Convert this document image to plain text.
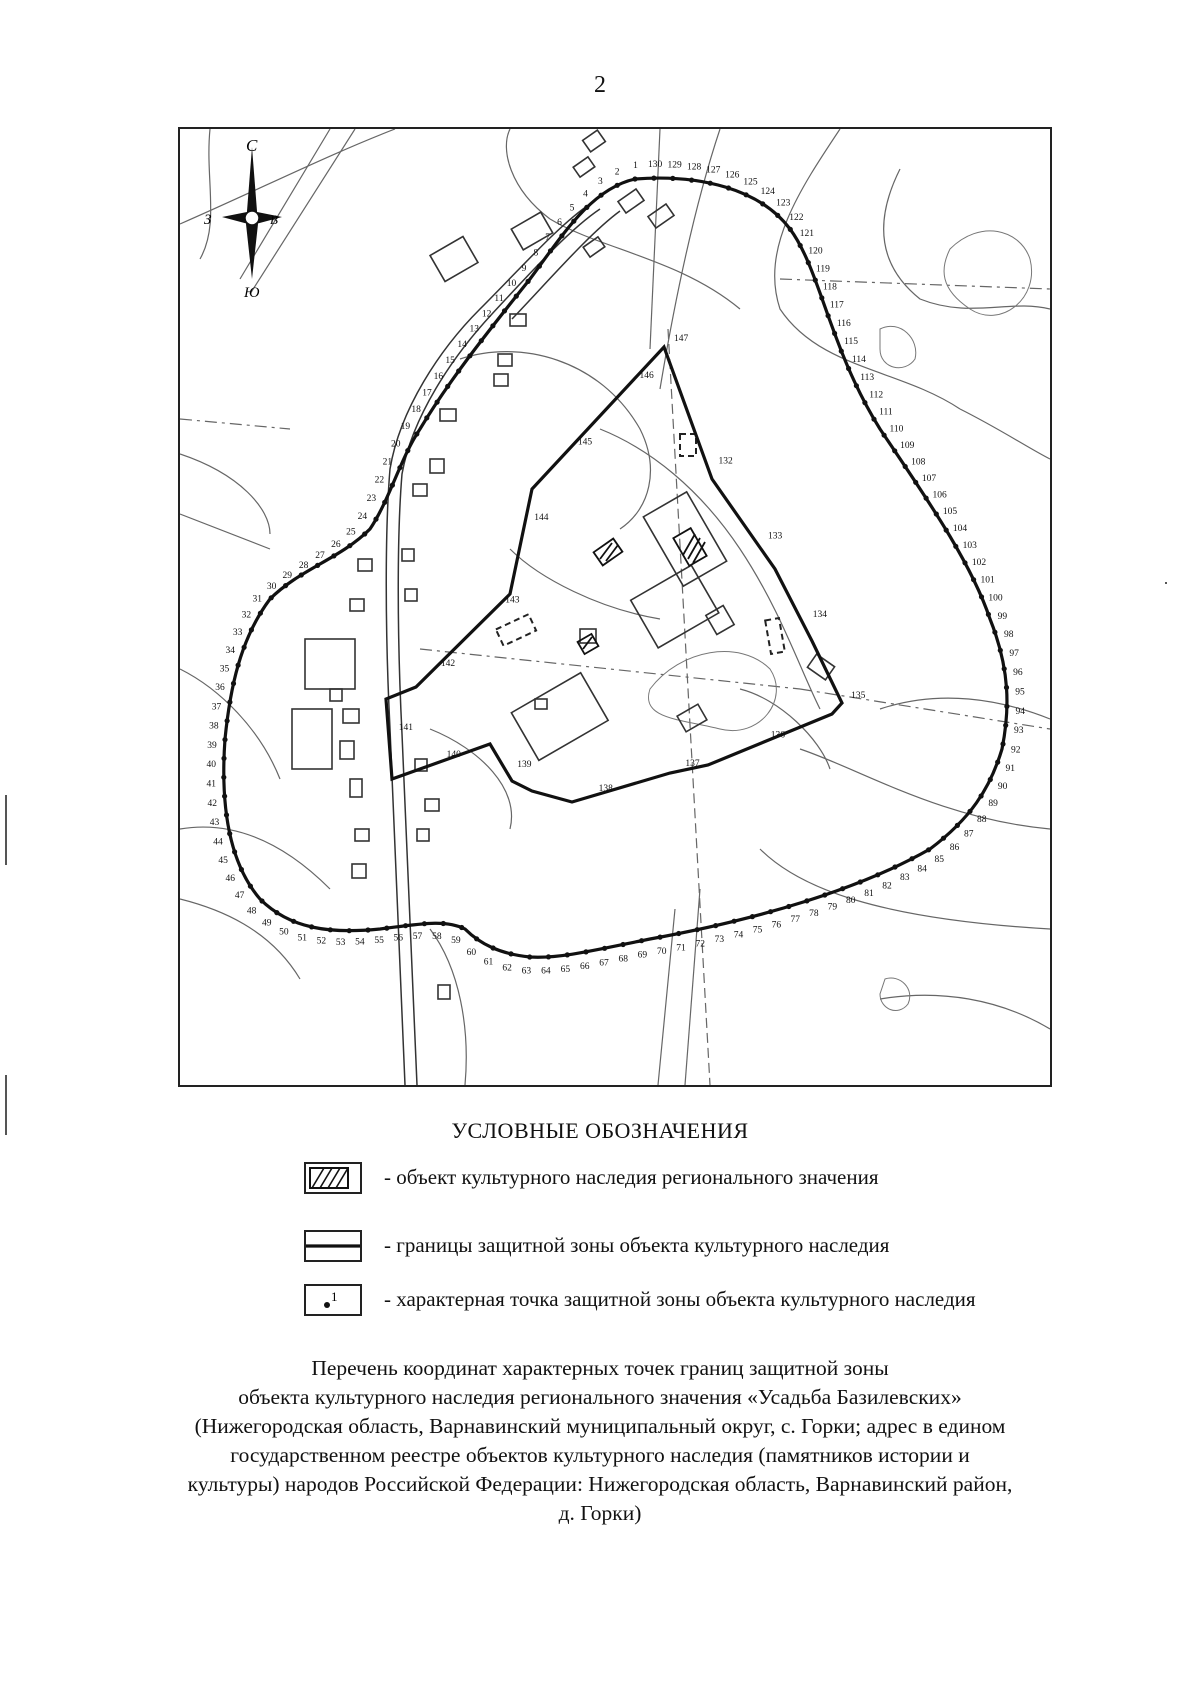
2
1
2
3
4
5
6
7
8
9
10
11
12
13
14
15
16
17
18
19
20
21
22
23
24
25
26
27
28
29
30
31
32
33
34
35
36
37
38
39
40
41
42
43
44
45
46
47
48
49
50
51 52 53 54 55 56 57 58 59
60
61
62 63 64 65 66 67 68 69 70 71 72 73 74 75
76
77
78
79
80
81
82
83
84
85
86
87
88
89
90
91
92
93
94
95
96
97
98
99
100
101
102
103
104
105
106
107
108
109
110
111
112
113
114
115
116
117
118
119
120
121
122
123
124
125
126
127
128
129
130
132
133
134
135
136
137
138
139
140
141
142
143
144
145
146
147
С
Ю
З	В
УСЛОВНЫЕ ОБОЗНАЧЕНИЯ
- объект культурного наследия регионального значения
- границы защитной зоны объекта культурного наследия
1 - характерная точка защитной зоны объекта культурного наследия
Перечень координат характерных точек границ защитной зоны
объекта культурного наследия регионального значения «Усадьба Базилевских»
(Нижегородская область, Варнавинский муниципальный округ, с. Горки; адрес в едином
государственном реестре объектов культурного наследия (памятников истории и
культуры) народов Российской Федерации: Нижегородская область, Варнавинский район,
д. Горки)
